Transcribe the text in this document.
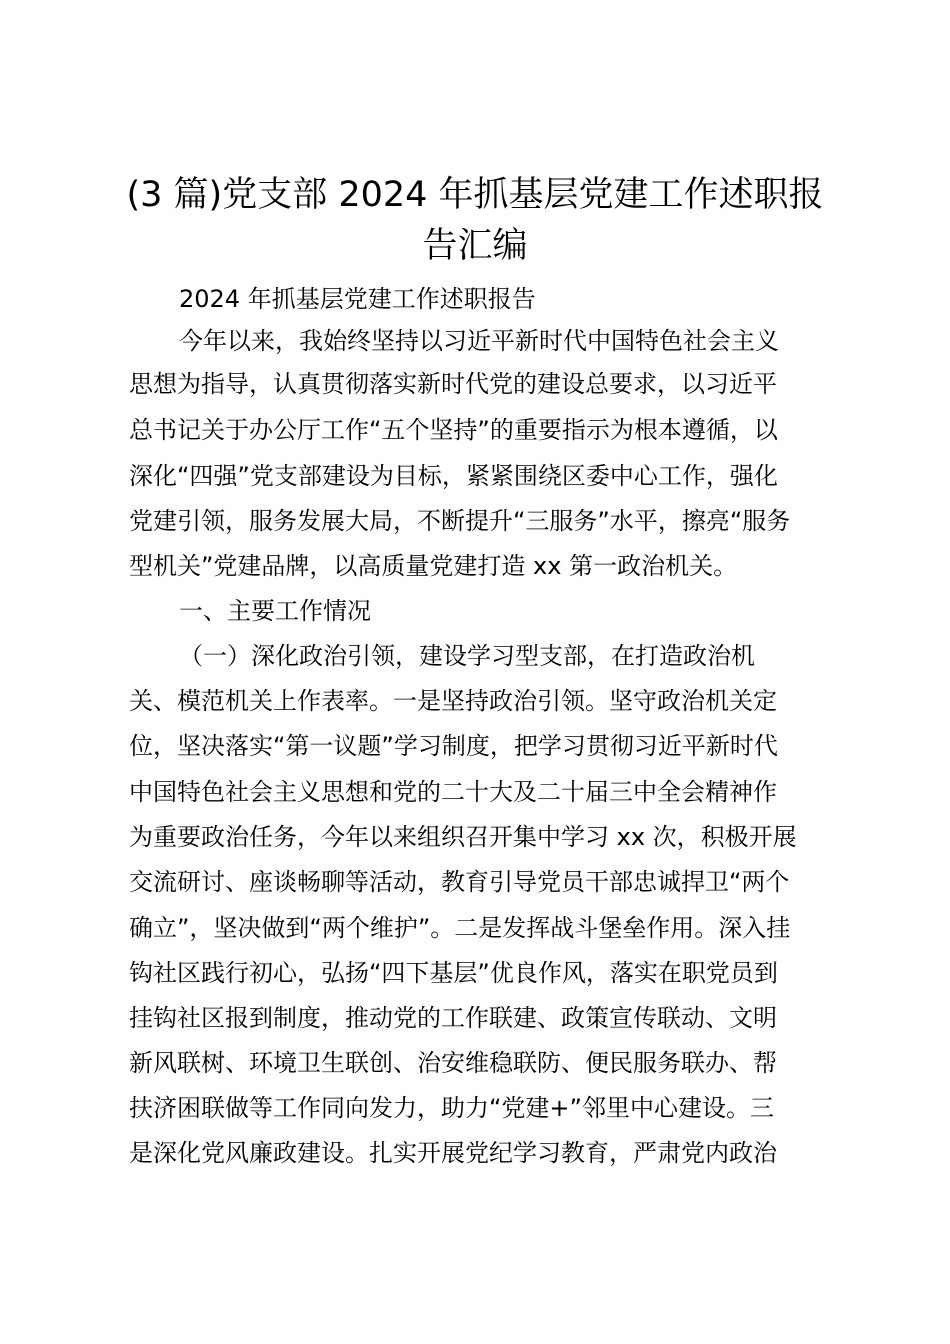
(3 篇)党支部 2024 年抓基层党建工作述职报
告汇编
2024 年抓基层党建工作述职报告
今年以来，我始终坚持以习近平新时代中国特色社会主义
思想为指导，认真贯彻落实新时代党的建设总要求，以习近平
总书记关于办公厅工作“五个坚持”的重要指示为根本遵循，以
深化“四强”党支部建设为目标，紧紧围绕区委中心工作，强化
党建引领，服务发展大局，不断提升“三服务”水平，擦亮“服务
型机关”党建品牌，以高质量党建打造 xx 第一政治机关。
一、主要工作情况
（一）深化政治引领，建设学习型支部，在打造政治机
关、模范机关上作表率。一是坚持政治引领。坚守政治机关定
位，坚决落实“第一议题”学习制度，把学习贯彻习近平新时代
中国特色社会主义思想和党的二十大及二十届三中全会精神作
为重要政治任务，今年以来组织召开集中学习 xx 次，积极开展
交流研讨、座谈畅聊等活动，教育引导党员干部忠诚捍卫“两个
确立”，坚决做到“两个维护”。二是发挥战斗堡垒作用。深入挂
钩社区践行初心，弘扬“四下基层”优良作风，落实在职党员到
挂钩社区报到制度，推动党的工作联建、政策宣传联动、文明
新风联树、环境卫生联创、治安维稳联防、便民服务联办、帮
扶济困联做等工作同向发力，助力“党建+”邻里中心建设。三
是深化党风廉政建设。扎实开展党纪学习教育，严肃党内政治
